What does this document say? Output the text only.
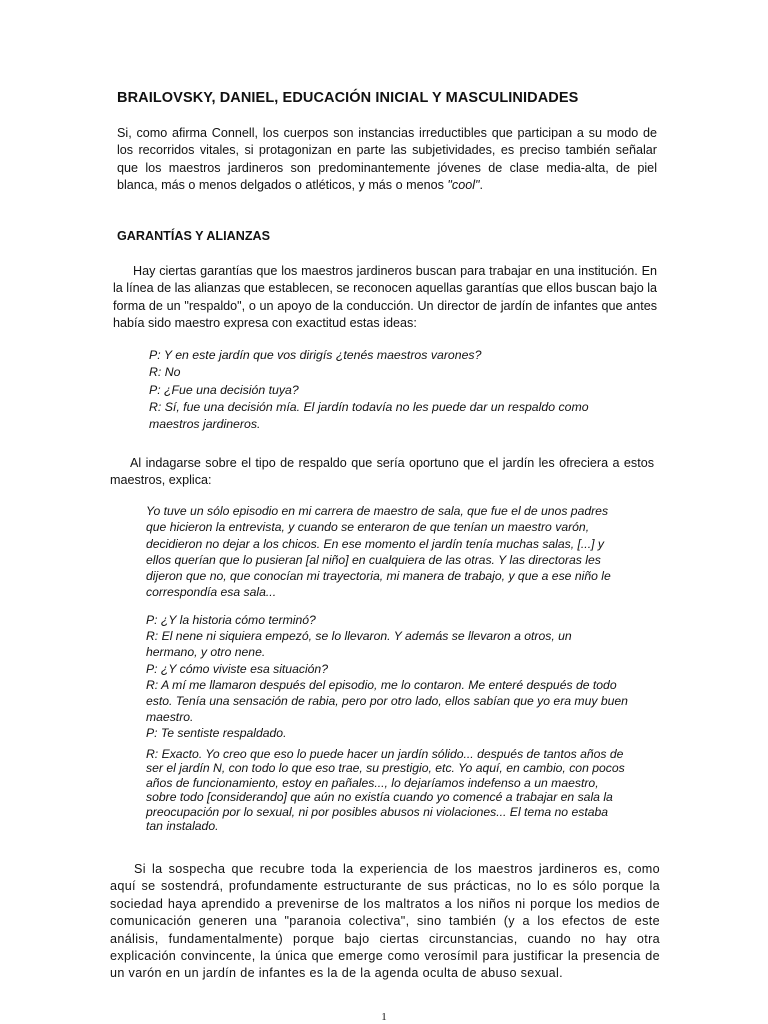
BRAILOVSKY, DANIEL, EDUCACIÓN INICIAL Y MASCULINIDADES
Si, como afirma Connell, los cuerpos son instancias irreductibles que participan a su modo de los recorridos vitales, si protagonizan en parte las subjetividades, es preciso también señalar que los maestros jardineros son predominantemente jóvenes de clase media-alta, de piel blanca, más o menos delgados o atléticos, y más o menos "cool".
GARANTÍAS Y ALIANZAS
Hay ciertas garantías que los maestros jardineros buscan para trabajar en una institución. En la línea de las alianzas que establecen, se reconocen aquellas garantías que ellos buscan bajo la forma de un "respaldo", o un apoyo de la conducción. Un director de jardín de infantes que antes había sido maestro expresa con exactitud estas ideas:

P: Y en este jardín que vos dirigís ¿tenés maestros varones?

R: No

P: ¿Fue una decisión tuya?

R: Sí, fue una decisión mía. El jardín todavía no les puede dar un respaldo como

maestros jardineros.

Al indagarse sobre el tipo de respaldo que sería oportuno que el jardín les ofreciera a estos maestros, explica:

Yo tuve un sólo episodio en mi carrera de maestro de sala, que fue el de unos padres

que hicieron la entrevista, y cuando se enteraron de que tenían un maestro varón,

decidieron no dejar a los chicos. En ese momento el jardín tenía muchas salas, [...] y

ellos querían que lo pusieran [al niño] en cualquiera de las otras. Y las directoras les

dijeron que no, que conocían mi trayectoria, mi manera de trabajo, y que a ese niño le

correspondía esa sala...

P: ¿Y la historia cómo terminó?

R: El nene ni siquiera empezó, se lo llevaron. Y además se llevaron a otros, un

hermano, y otro nene.

P: ¿Y cómo viviste esa situación?

R: A mí me llamaron después del episodio, me lo contaron. Me enteré después de todo

esto. Tenía una sensación de rabia, pero por otro lado, ellos sabían que yo era muy buen

maestro.

P: Te sentiste respaldado.

R: Exacto. Yo creo que eso lo puede hacer un jardín sólido... después de tantos años de

ser el jardín N, con todo lo que eso trae, su prestigio, etc. Yo aquí, en cambio, con pocos

años de funcionamiento, estoy en pañales..., lo dejaríamos indefenso a un maestro,

sobre todo [considerando] que aún no existía cuando yo comencé a trabajar en sala la

preocupación por lo sexual, ni por posibles abusos ni violaciones... El tema no estaba

tan instalado.

Si la sospecha que recubre toda la experiencia de los maestros jardineros es, como aquí se sostendrá, profundamente estructurante de sus prácticas, no lo es sólo porque la sociedad haya aprendido a prevenirse de los maltratos a los niños ni porque los medios de comunicación generen una "paranoia colectiva", sino también (y a los efectos de este análisis, fundamentalmente) porque bajo ciertas circunstancias, cuando no hay otra explicación convincente, la única que emerge como verosímil para justificar la presencia de un varón en un jardín de infantes es la de la agenda oculta de abuso sexual.
1
